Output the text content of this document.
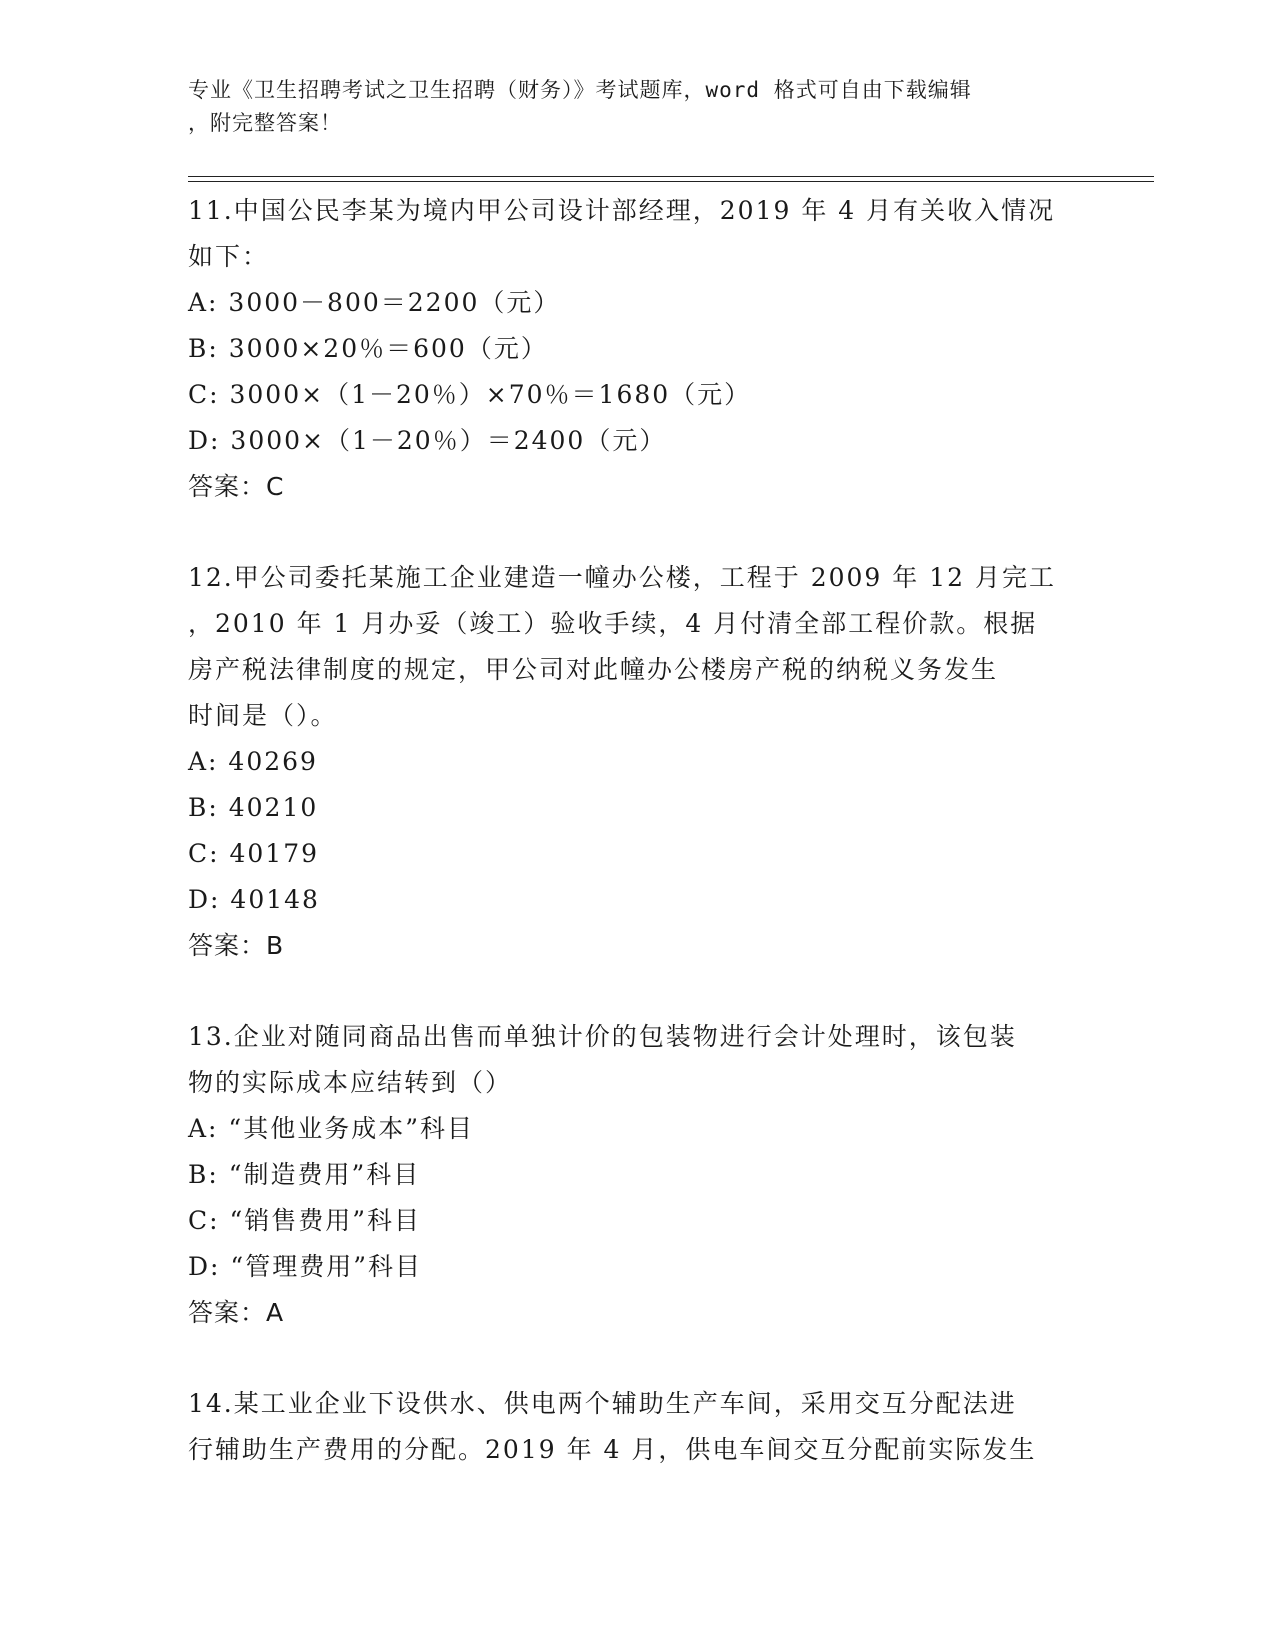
专业《卫生招聘考试之卫生招聘（财务）》考试题库，word 格式可自由下载编辑
，附完整答案！
11.中国公民李某为境内甲公司设计部经理，2019 年 4 月有关收入情况
如下：
A: 3000－800＝2200（元）
B: 3000×20％＝600（元）
C: 3000×（1－20％）×70％＝1680（元）
D: 3000×（1－20％）＝2400（元）
答案：C
12.甲公司委托某施工企业建造一幢办公楼，工程于 2009 年 12 月完工
，2010 年 1 月办妥（竣工）验收手续，4 月付清全部工程价款。根据
房产税法律制度的规定，甲公司对此幢办公楼房产税的纳税义务发生
时间是（）。
A: 40269
B: 40210
C: 40179
D: 40148
答案：B
13.企业对随同商品出售而单独计价的包装物进行会计处理时，该包装
物的实际成本应结转到（）
A: “其他业务成本”科目
B: “制造费用”科目
C: “销售费用”科目
D: “管理费用”科目
答案：A
14.某工业企业下设供水、供电两个辅助生产车间，采用交互分配法进
行辅助生产费用的分配。2019 年 4 月，供电车间交互分配前实际发生
